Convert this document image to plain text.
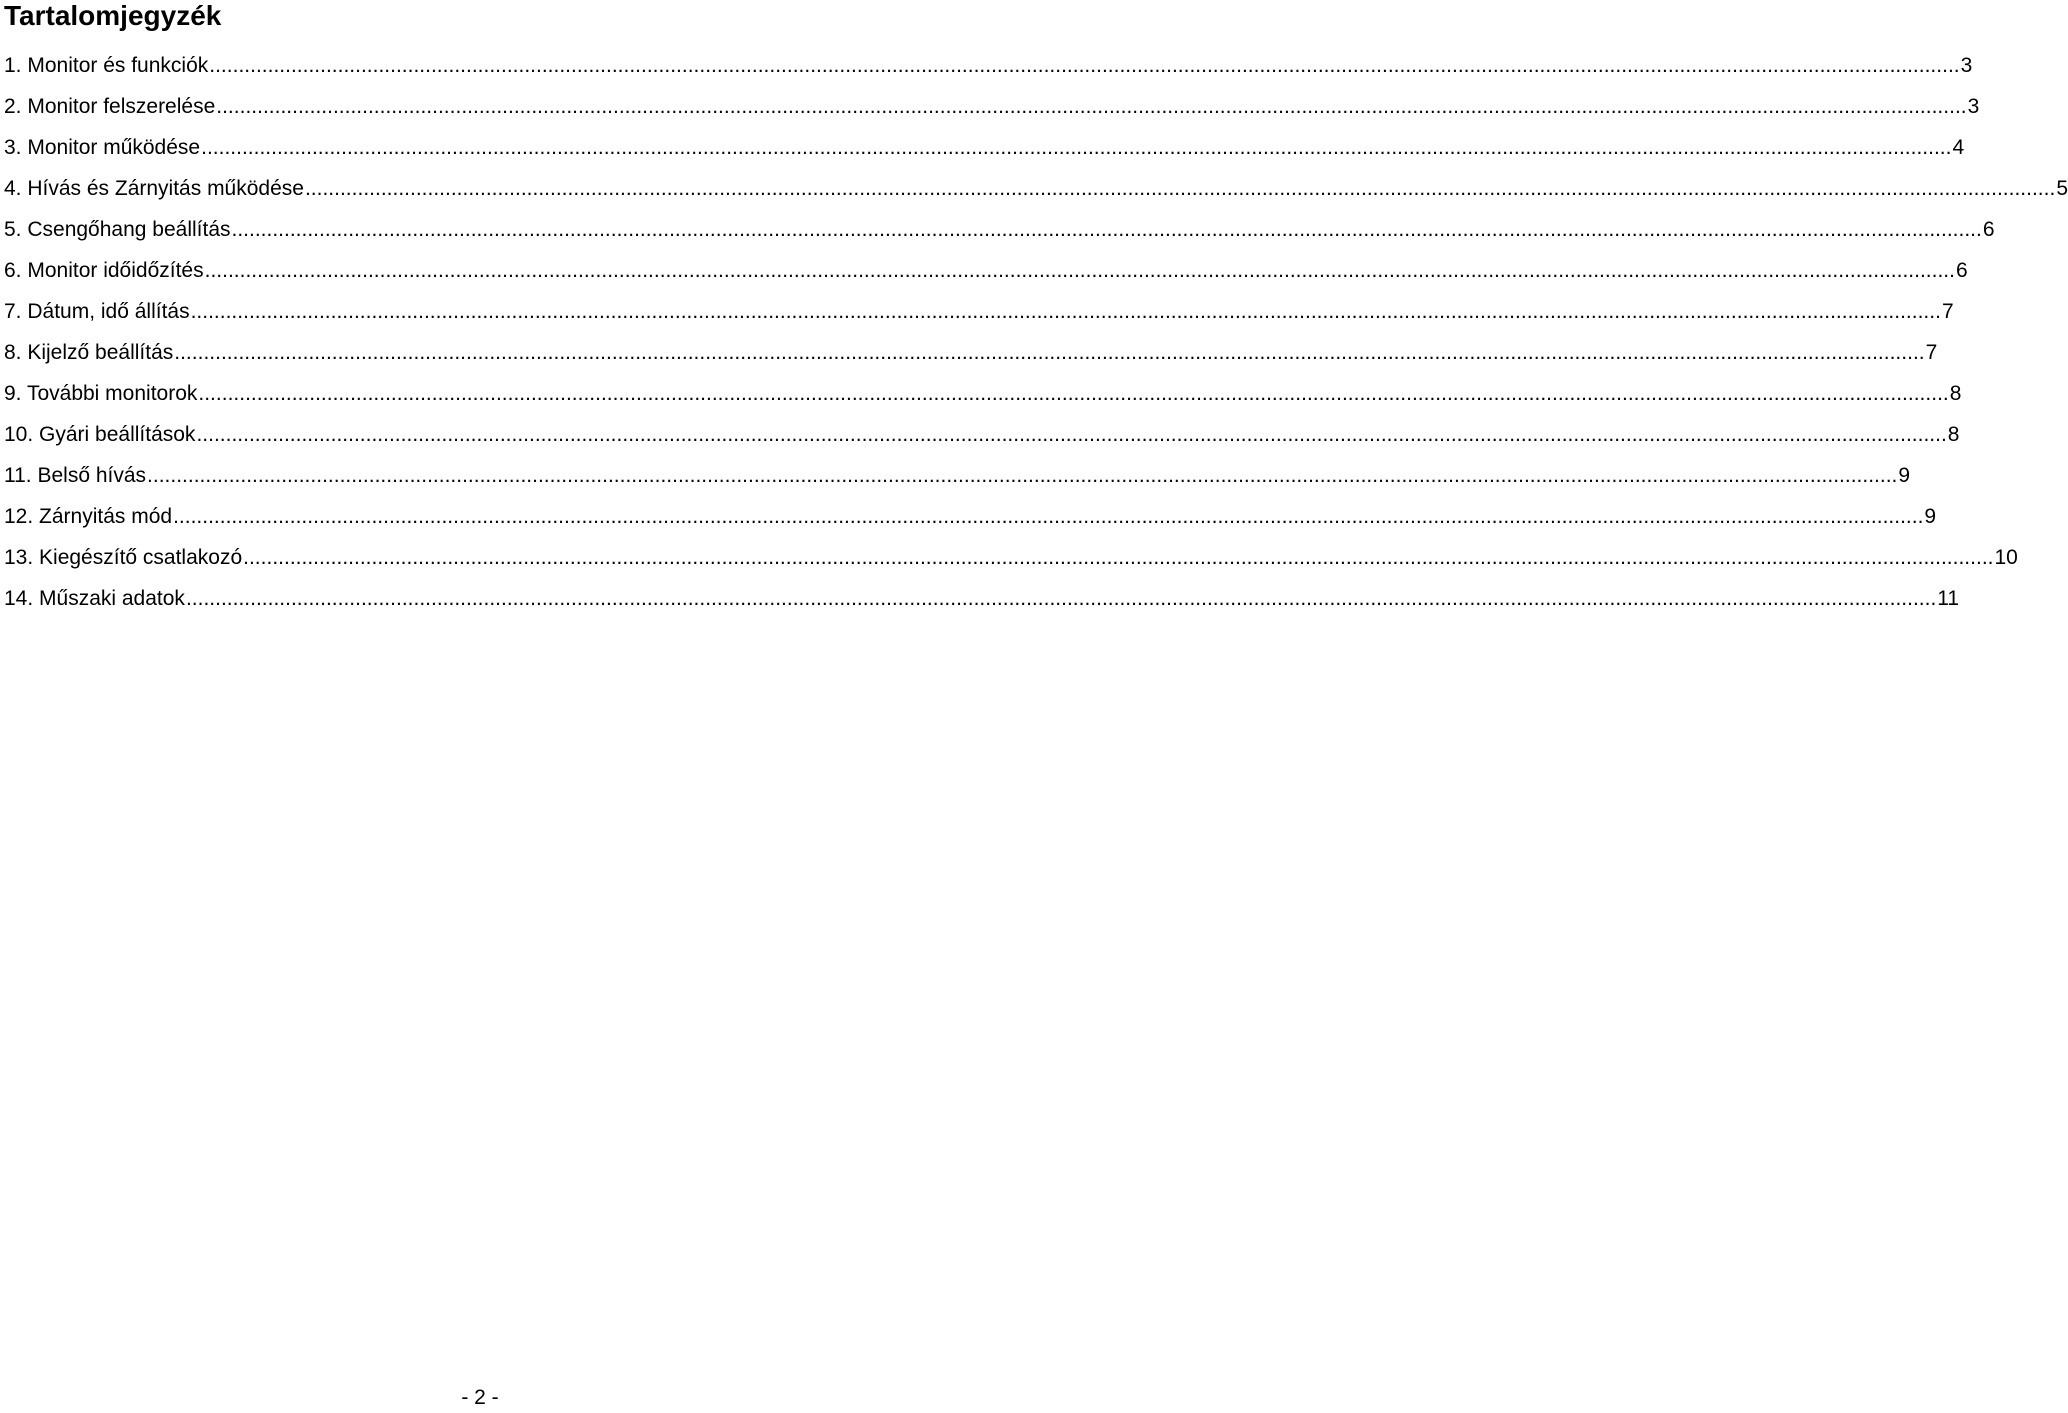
Tartalomjegyzék
1. Monitor és funkciók ............................................................................................................................................................................................................................................................................................................ 3
2. Monitor felszerelése ............................................................................................................................................................................................................................................................................................................ 3
3. Monitor működése ............................................................................................................................................................................................................................................................................................................ 4
4. Hívás és Zárnyitás működése ............................................................................................................................................................................................................................................................................................................ 5
5. Csengőhang beállítás ............................................................................................................................................................................................................................................................................................................ 6
6. Monitor időidőzítés ............................................................................................................................................................................................................................................................................................................ 6
7. Dátum, idő állítás ............................................................................................................................................................................................................................................................................................................ 7
8. Kijelző beállítás ............................................................................................................................................................................................................................................................................................................ 7
9. További monitorok ............................................................................................................................................................................................................................................................................................................ 8
10. Gyári beállítások ............................................................................................................................................................................................................................................................................................................ 8
11. Belső hívás ............................................................................................................................................................................................................................................................................................................ 9
12. Zárnyitás mód ............................................................................................................................................................................................................................................................................................................ 9
13. Kiegészítő csatlakozó ............................................................................................................................................................................................................................................................................................................ 10
14. Műszaki adatok ............................................................................................................................................................................................................................................................................................................ 11
- 2 -
